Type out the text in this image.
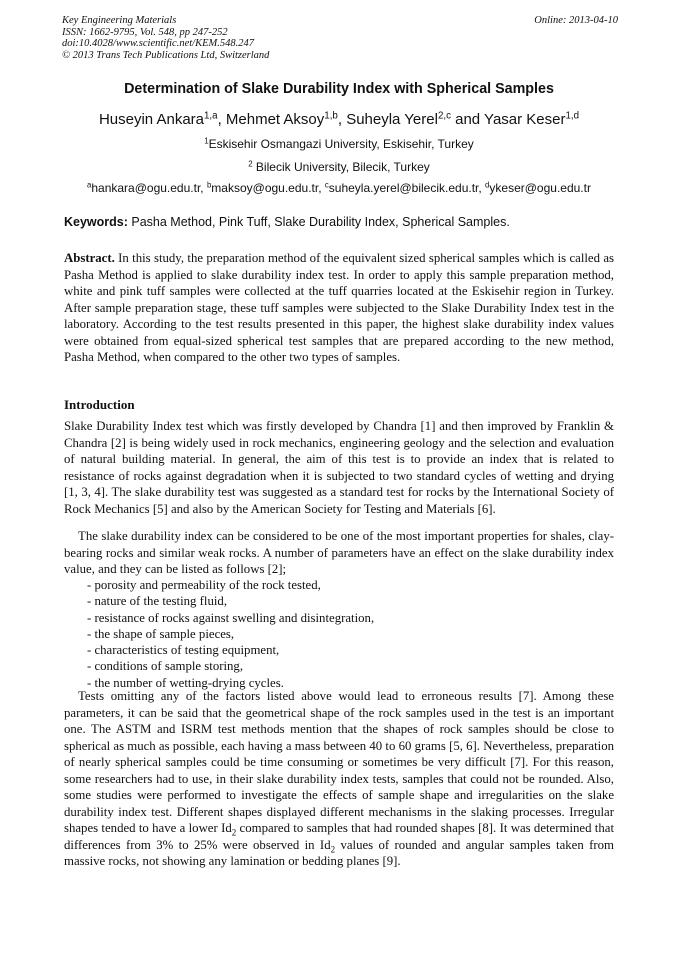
Key Engineering Materials
ISSN: 1662-9795, Vol. 548, pp 247-252
doi:10.4028/www.scientific.net/KEM.548.247
© 2013 Trans Tech Publications Ltd, Switzerland
Online: 2013-04-10
Determination of Slake Durability Index with Spherical Samples
Huseyin Ankara$^{1,a}$, Mehmet Aksoy$^{1,b}$, Suheyla Yerel$^{2,c}$ and Yasar Keser$^{1,d}$
$^1$Eskisehir Osmangazi University, Eskisehir, Turkey
$^2$ Bilecik University, Bilecik, Turkey
$^a$hankara@ogu.edu.tr, $^b$maksoy@ogu.edu.tr, $^c$suheyla.yerel@bilecik.edu.tr, $^d$ykeser@ogu.edu.tr
Keywords: Pasha Method, Pink Tuff, Slake Durability Index, Spherical Samples.
Abstract. In this study, the preparation method of the equivalent sized spherical samples which is called as Pasha Method is applied to slake durability index test. In order to apply this sample preparation method, white and pink tuff samples were collected at the tuff quarries located at the Eskisehir region in Turkey. After sample preparation stage, these tuff samples were subjected to the Slake Durability Index test in the laboratory. According to the test results presented in this paper, the highest slake durability index values were obtained from equal-sized spherical test samples that are prepared according to the new method, Pasha Method, when compared to the other two types of samples.
Introduction
Slake Durability Index test which was firstly developed by Chandra [1] and then improved by Franklin & Chandra [2] is being widely used in rock mechanics, engineering geology and the selection and evaluation of natural building material. In general, the aim of this test is to provide an index that is related to resistance of rocks against degradation when it is subjected to two standard cycles of wetting and drying [1, 3, 4]. The slake durability test was suggested as a standard test for rocks by the International Society of Rock Mechanics [5] and also by the American Society for Testing and Materials [6].
The slake durability index can be considered to be one of the most important properties for shales, clay-bearing rocks and similar weak rocks. A number of parameters have an effect on the slake durability index value, and they can be listed as follows [2];
- porosity and permeability of the rock tested,
- nature of the testing fluid,
- resistance of rocks against swelling and disintegration,
- the shape of sample pieces,
- characteristics of testing equipment,
- conditions of sample storing,
- the number of wetting-drying cycles.
Tests omitting any of the factors listed above would lead to erroneous results [7]. Among these parameters, it can be said that the geometrical shape of the rock samples used in the test is an important one. The ASTM and ISRM test methods mention that the shapes of rock samples should be close to spherical as much as possible, each having a mass between 40 to 60 grams [5, 6]. Nevertheless, preparation of nearly spherical samples could be time consuming or sometimes be very difficult [7]. For this reason, some researchers had to use, in their slake durability index tests, samples that could not be rounded. Also, some studies were performed to investigate the effects of sample shape and irregularities on the slake durability index test. Different shapes displayed different mechanisms in the slaking processes. Irregular shapes tended to have a lower $Id_2$ compared to samples that had rounded shapes [8]. It was determined that differences from 3% to 25% were observed in $Id_2$ values of rounded and angular samples taken from massive rocks, not showing any lamination or bedding planes [9].
